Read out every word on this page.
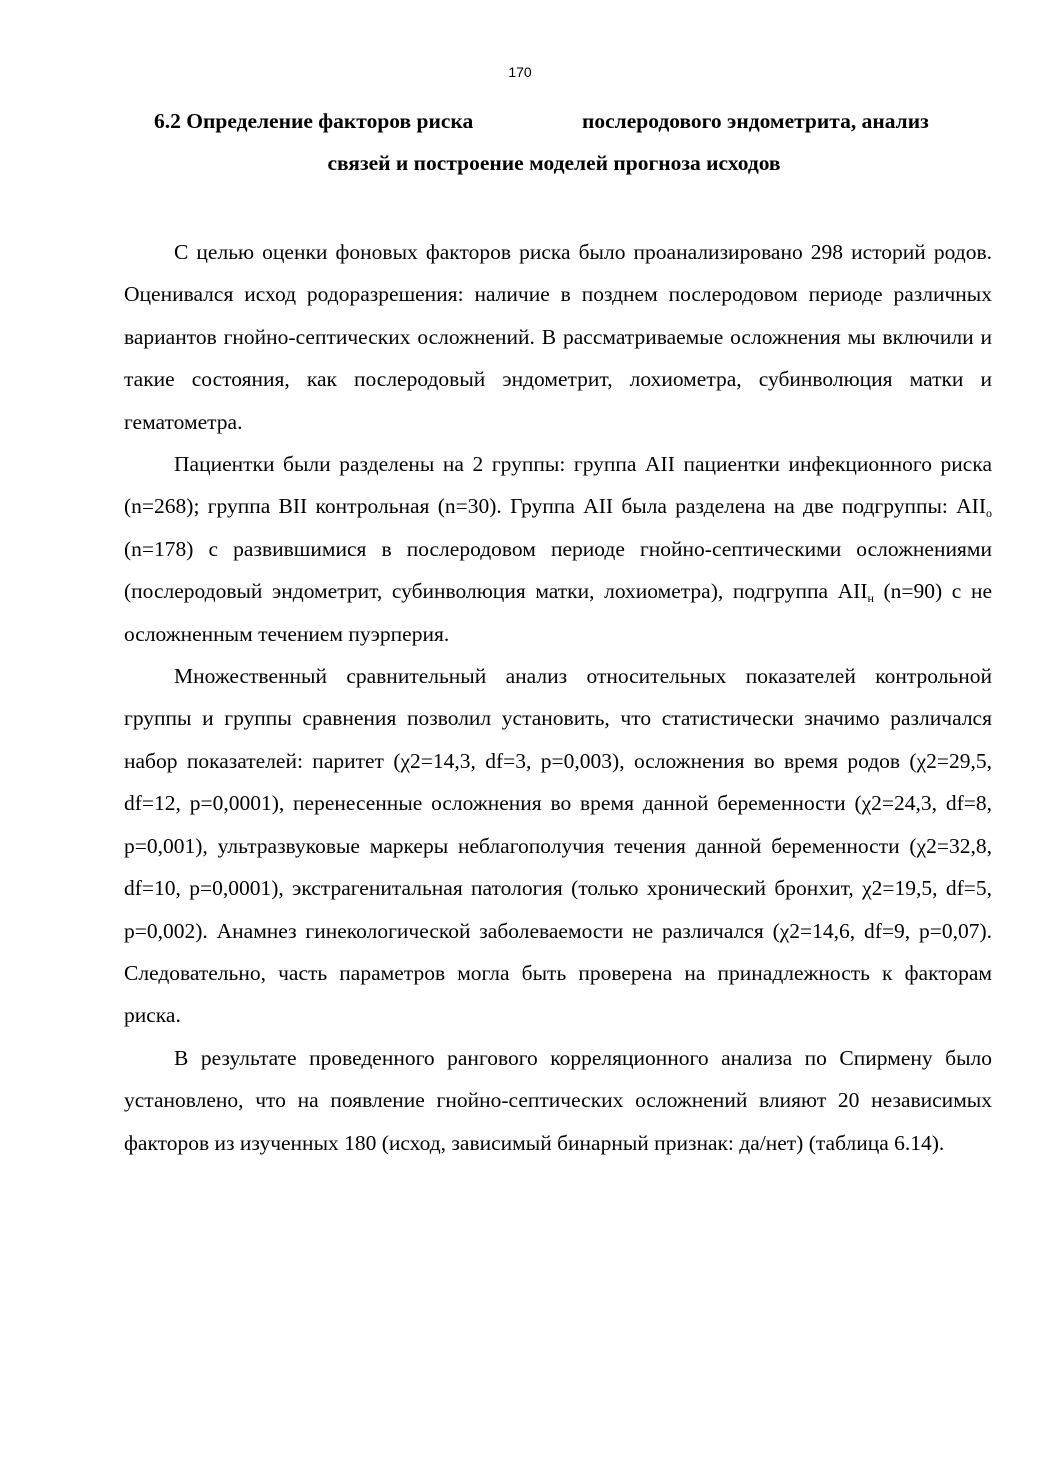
170
6.2 Определение факторов риска	послеродового эндометрита, анализ
связей и построение моделей прогноза исходов

С целью оценки фоновых факторов риска было проанализировано 298 историй родов. Оценивался исход родоразрешения: наличие в позднем послеродовом периоде различных вариантов гнойно-септических осложнений. В рассматриваемые осложнения мы включили и такие состояния, как послеродовый эндометрит, лохиометра, субинволюция матки и гематометра.

Пациентки были разделены на 2 группы: группа АII пациентки инфекционного риска (n=268); группа BII контрольная (n=30). Группа АII была разделена на две подгруппы: $АII_о$ (n=178) с развившимися в послеродовом периоде гнойно-септическими осложнениями (послеродовый эндометрит, субинволюция матки, лохиометра), подгруппа $АII_н$ (n=90) с не осложненным течением пуэрперия.

Множественный сравнительный анализ относительных показателей контрольной группы и группы сравнения позволил установить, что статистически значимо различался набор показателей: паритет (χ2=14,3, df=3, p=0,003), осложнения во время родов (χ2=29,5, df=12, p=0,0001), перенесенные осложнения во время данной беременности (χ2=24,3, df=8, p=0,001), ультразвуковые маркеры неблагополучия течения данной беременности (χ2=32,8, df=10, p=0,0001), экстрагенитальная патология (только хронический бронхит, χ2=19,5, df=5, p=0,002). Анамнез гинекологической заболеваемости не различался (χ2=14,6, df=9, p=0,07). Следовательно, часть параметров могла быть проверена на принадлежность к факторам риска.

В результате проведенного рангового корреляционного анализа по Спирмену было установлено, что на появление гнойно-септических осложнений влияют 20 независимых факторов из изученных 180 (исход, зависимый бинарный признак: да/нет) (таблица 6.14).
